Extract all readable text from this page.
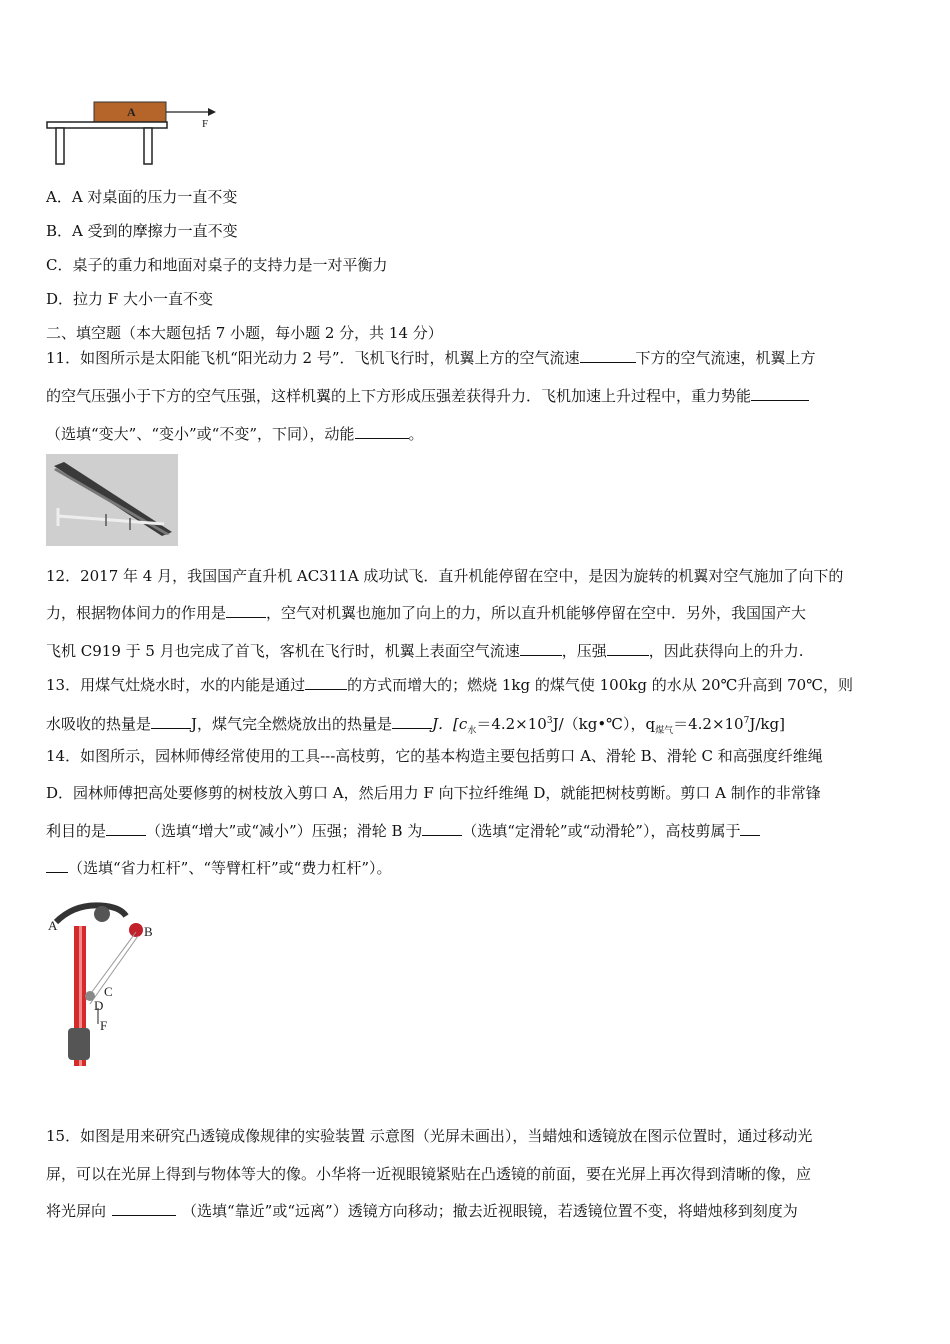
A
F
A．A 对桌面的压力一直不变
B．A 受到的摩擦力一直不变
C．桌子的重力和地面对桌子的支持力是一对平衡力
D．拉力 F 大小一直不变
二、填空题（本大题包括 7 小题，每小题 2 分，共 14 分）
11．如图所示是太阳能飞机“阳光动力 2 号”．飞机飞行时，机翼上方的空气流速	下方的空气流速，机翼上方
的空气压强小于下方的空气压强，这样机翼的上下方形成压强差获得升力．飞机加速上升过程中，重力势能
（选填“变大”、“变小”或“不变”，下同），动能	。
12．2017 年 4 月，我国国产直升机 AC311A 成功试飞．直升机能停留在空中，是因为旋转的机翼对空气施加了向下的
力，根据物体间力的作用是	，空气对机翼也施加了向上的力，所以直升机能够停留在空中．另外，我国国产大
飞机 C919 于 5 月也完成了首飞，客机在飞行时，机翼上表面空气流速	，压强	，因此获得向上的升力.
13．用煤气灶烧水时，水的内能是通过	的方式而增大的；燃烧 1kg 的煤气使 100kg 的水从 20℃升高到 70℃，则
水吸收的热量是	J，煤气完全燃烧放出的热量是	J．[$c_水=4.2\times 10^3J/(kg•℃)$，$q_{煤气}=4.2\times 10^7J/kg$]
14．如图所示，园林师傅经常使用的工具---高枝剪，它的基本构造主要包括剪口 A、滑轮 B、滑轮 C 和高强度纤维绳
D．园林师傅把高处要修剪的树枝放入剪口 A，然后用力 F 向下拉纤维绳 D，就能把树枝剪断。剪口 A 制作的非常锋
利目的是	（选填“增大”或“减小”）压强；滑轮 B 为	（选填“定滑轮”或“动滑轮”），高枝剪属于
（选填“省力杠杆”、“等臂杠杆”或“费力杠杆”）。
A	B
C
D
F
15．如图是用来研究凸透镜成像规律的实验装置 示意图（光屏未画出），当蜡烛和透镜放在图示位置时，通过移动光
屏，可以在光屏上得到与物体等大的像。小华将一近视眼镜紧贴在凸透镜的前面，要在光屏上再次得到清晰的像，应
将光屏向	（选填“靠近”或“远离”）透镜方向移动；撤去近视眼镜，若透镜位置不变，将蜡烛移到刻度为
